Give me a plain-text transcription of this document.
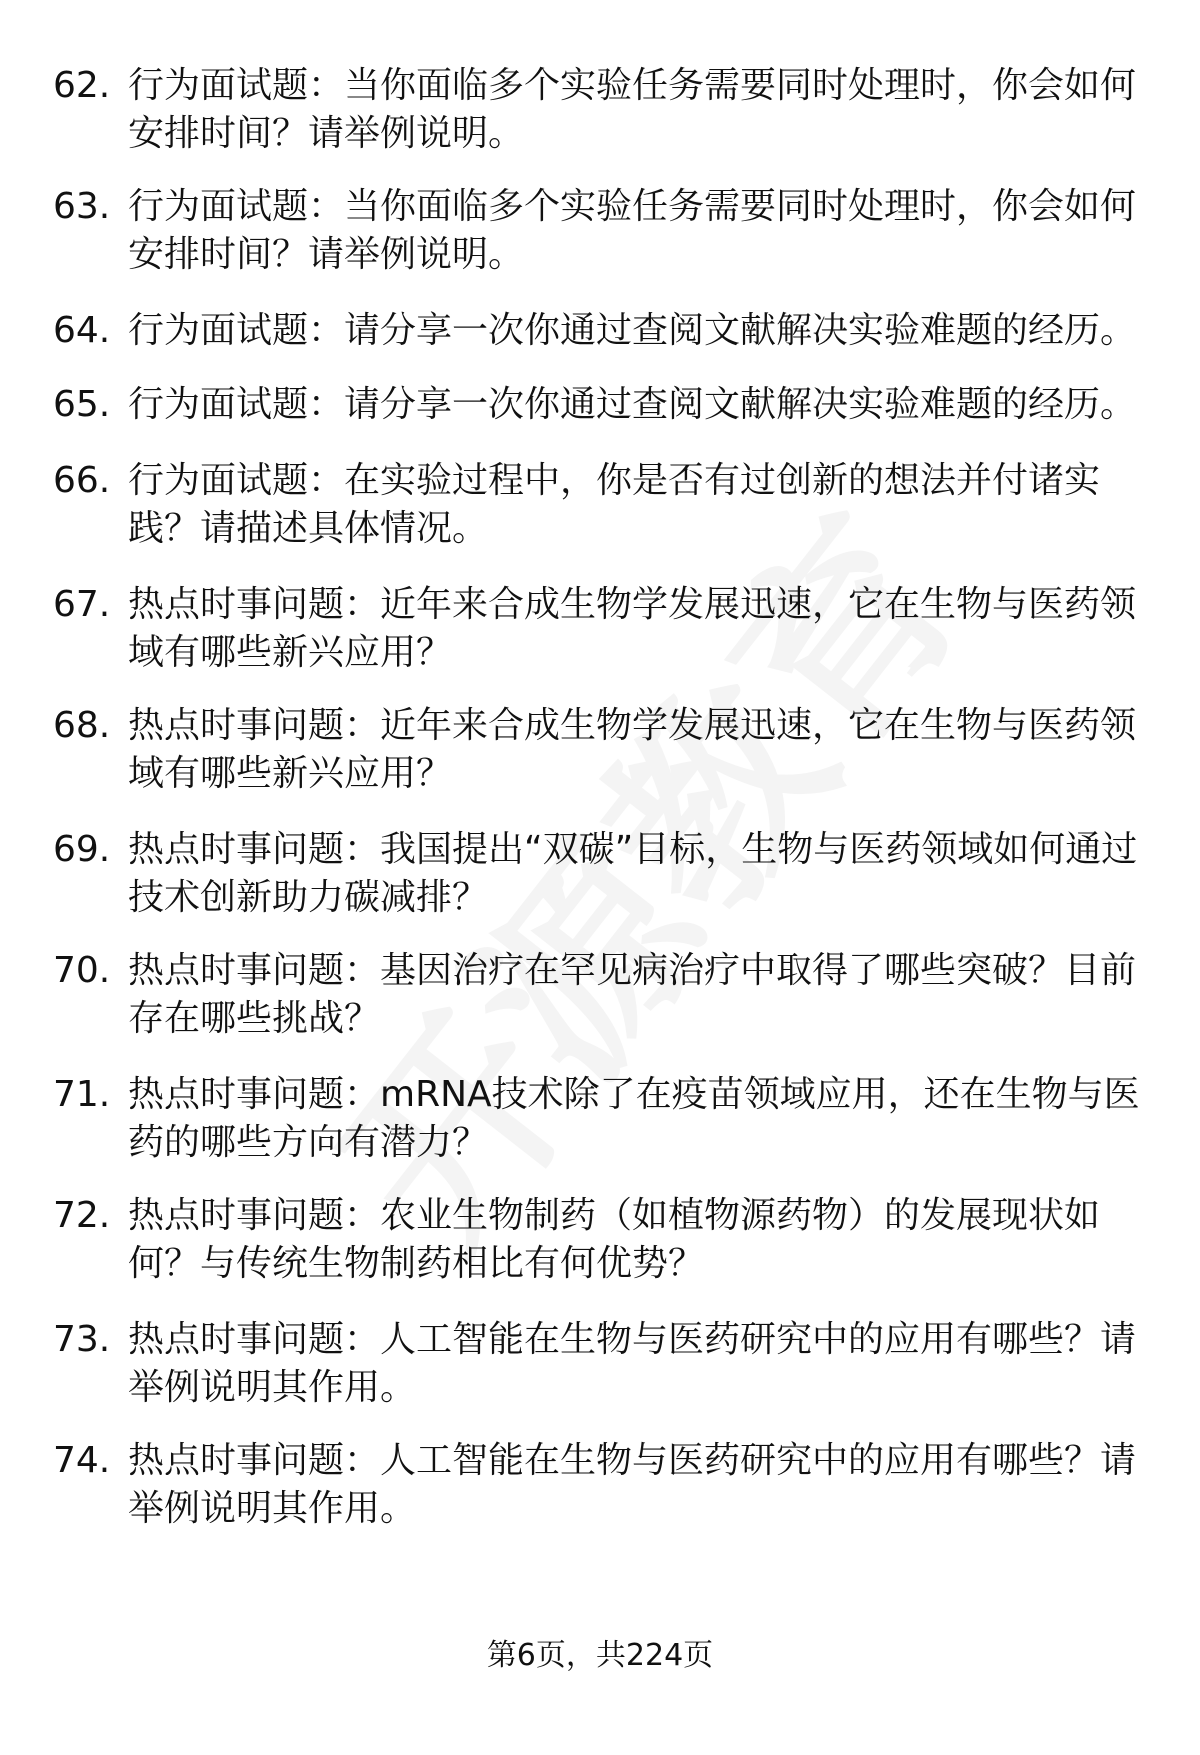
62. 行为面试题：当你面临多个实验任务需要同时处理时，你会如何安排时间？请举例说明。
63. 行为面试题：当你面临多个实验任务需要同时处理时，你会如何安排时间？请举例说明。
64. 行为面试题：请分享一次你通过查阅文献解决实验难题的经历。
65. 行为面试题：请分享一次你通过查阅文献解决实验难题的经历。
66. 行为面试题：在实验过程中，你是否有过创新的想法并付诸实践？请描述具体情况。
67. 热点时事问题：近年来合成生物学发展迅速，它在生物与医药领域有哪些新兴应用？
68. 热点时事问题：近年来合成生物学发展迅速，它在生物与医药领域有哪些新兴应用？
69. 热点时事问题：我国提出“双碳”目标，生物与医药领域如何通过技术创新助力碳减排？
70. 热点时事问题：基因治疗在罕见病治疗中取得了哪些突破？目前存在哪些挑战？
71. 热点时事问题：mRNA技术除了在疫苗领域应用，还在生物与医药的哪些方向有潜力？
72. 热点时事问题：农业生物制药（如植物源药物）的发展现状如何？与传统生物制药相比有何优势？
73. 热点时事问题：人工智能在生物与医药研究中的应用有哪些？请举例说明其作用。
74. 热点时事问题：人工智能在生物与医药研究中的应用有哪些？请举例说明其作用。
第6页，共224页
